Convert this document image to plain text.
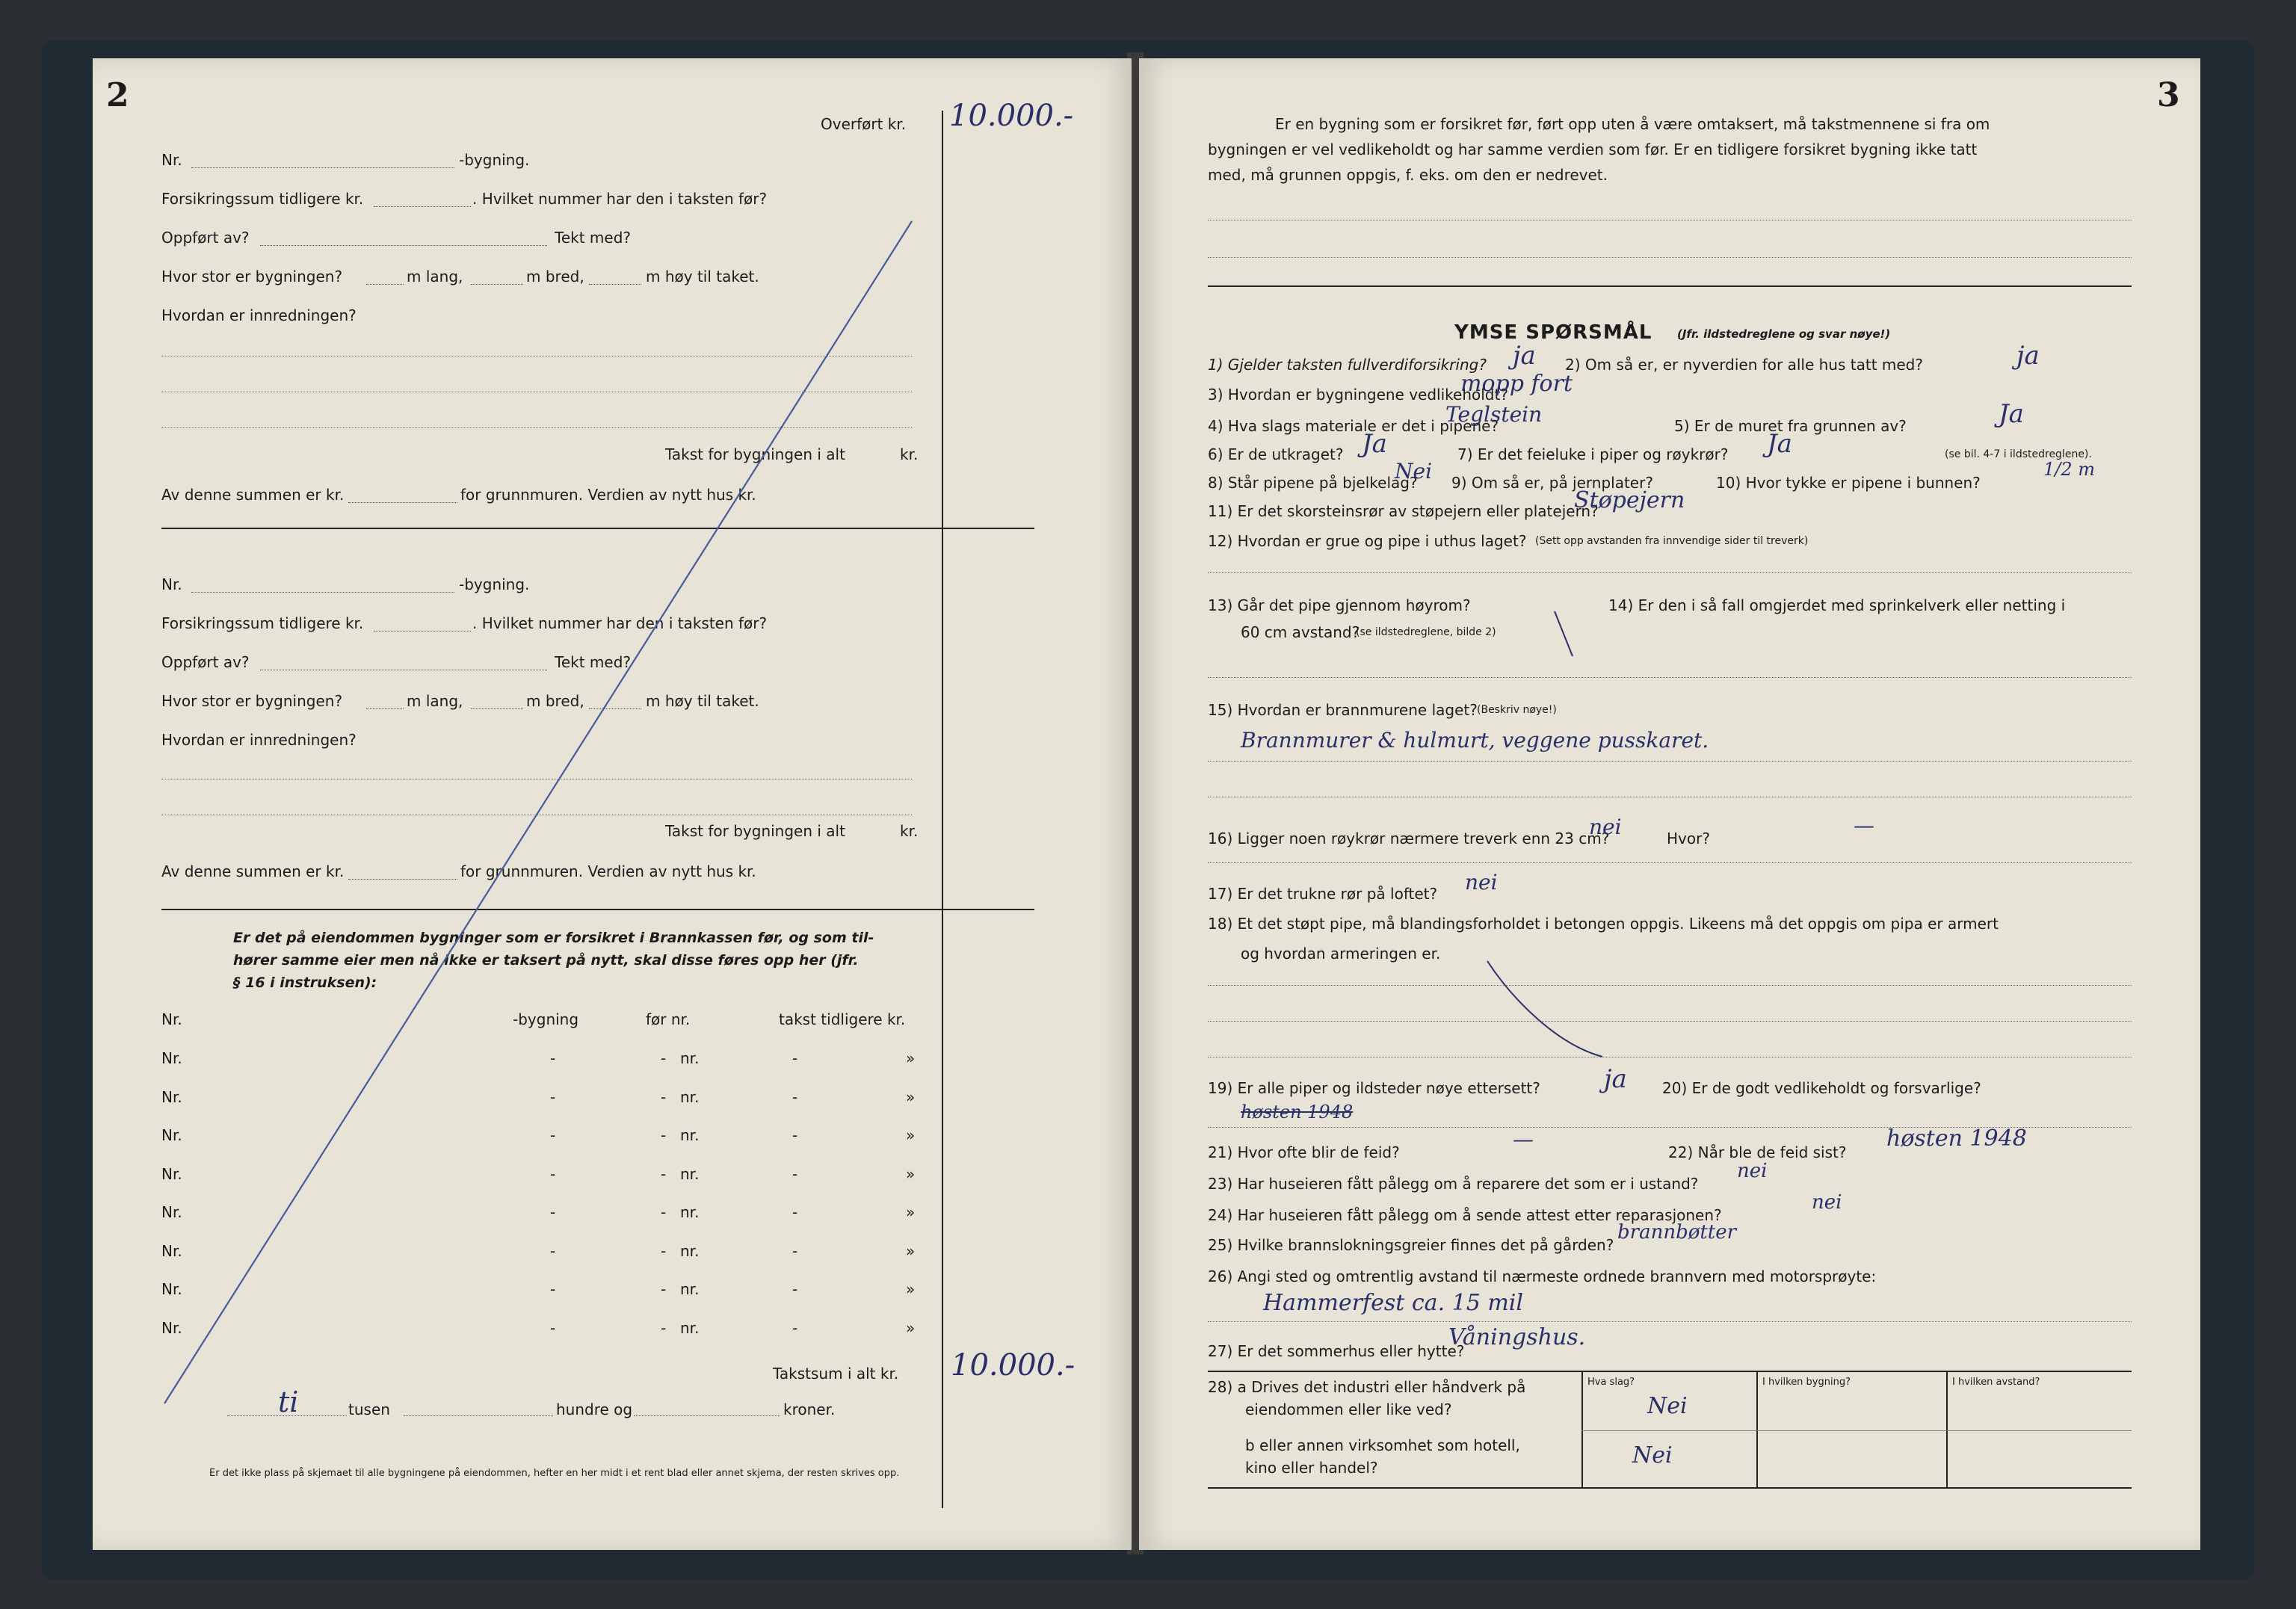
2
Overført kr. 10.000.-
Nr.	-bygning.
Forsikringssum tidligere kr.	. Hvilket nummer har den i taksten før?
Oppført av?	Tekt med?
Hvor stor er bygningen?	m lang,	m bred,	m høy til taket.
Hvordan er innredningen?
Takst for bygningen i alt	kr.
Av denne summen er kr.	for grunnmuren. Verdien av nytt hus kr.
Nr.	-bygning.
Forsikringssum tidligere kr.	. Hvilket nummer har den i taksten før?
Oppført av?	Tekt med?
Hvor stor er bygningen?	m lang,	m bred,	m høy til taket.
Hvordan er innredningen?
Takst for bygningen i alt	kr.
Av denne summen er kr.	for grunnmuren. Verdien av nytt hus kr.
Er det på eiendommen bygninger som er forsikret i Brannkassen før, og som til-
hører samme eier men nå ikke er taksert på nytt, skal disse føres opp her (jfr.
§ 16 i instruksen):
Nr.	-bygning	før nr.	takst tidligere kr.
Nr.	-	- nr.	-	»
Nr.	-	- nr.	-	»
Nr.	-	- nr.	-	»
Nr.	-	- nr.	-	»
Nr.	-	- nr.	-	»
Nr.	-	- nr.	-	»
Nr.	-	- nr.	-	»
Nr.	-	- nr.	-	»
Takstsum i alt kr. 10.000.-
ti	tusen	hundre og	kroner.
Er det ikke plass på skjemaet til alle bygningene på eiendommen, hefter en her midt i et rent blad eller annet skjema, der resten skrives opp.
3
Er en bygning som er forsikret før, ført opp uten å være omtaksert, må takstmennene si fra om
bygningen er vel vedlikeholdt og har samme verdien som før. Er en tidligere forsikret bygning ikke tatt
med, må grunnen oppgis, f. eks. om den er nedrevet.
YMSE SPØRSMÅL (Jfr. ildstedreglene og svar nøye!)
1) Gjelder taksten fullverdiforsikring? ja 2) Om så er, er nyverdien for alle hus tatt med?	ja
3) Hvordan er bygningene vedlikeholdt?
mopp fort
4) Hva slags materiale er det i pipene?
Teglstein	5) Er de muret fra grunnen av?	Ja
6) Er de utkraget? Ja	7) Er det feieluke i piper og røykrør? Ja	(se bil. 4-7 i ildstedreglene).
8) Står pipene på bjelkelag?
Nei 9) Om så er, på jernplater?	10) Hvor tykke er pipene i bunnen?
1/2 m
11) Er det skorsteinsrør av støpejern eller platejern?
Støpejern
12) Hvordan er grue og pipe i uthus laget? (Sett opp avstanden fra innvendige sider til treverk)
13) Går det pipe gjennom høyrom?	14) Er den i så fall omgjerdet med sprinkelverk eller netting i
60 cm avstand?
(se ildstedreglene, bilde 2)
15) Hvordan er brannmurene laget? (Beskriv nøye!)
Brannmurer & hulmurt, veggene pusskaret.
16) Ligger noen røykrør nærmere treverk enn 23 cm?
nei	Hvor?
—
17) Er det trukne rør på loftet? nei
18) Et det støpt pipe, må blandingsforholdet i betongen oppgis. Likeens må det oppgis om pipa er armert
og hvordan armeringen er.
19) Er alle piper og ildsteder nøye ettersett?	ja 20) Er de godt vedlikeholdt og forsvarlige?
høsten 1948
21) Hvor ofte blir de feid?
—
22) Når ble de feid sist?
høsten 1948
23) Har huseieren fått pålegg om å reparere det som er i ustand?
nei
24) Har huseieren fått pålegg om å sende attest etter reparasjonen?
nei
25) Hvilke brannslokningsgreier finnes det på gården?
brannbøtter
26) Angi sted og omtrentlig avstand til nærmeste ordnede brannvern med motorsprøyte:
Hammerfest ca. 15 mil
27) Er det sommerhus eller hytte?
Våningshus.
28) a Drives det industri eller håndverk på
eiendommen eller like ved?
b eller annen virksomhet som hotell,
kino eller handel?
Hva slag?	I hvilken bygning?	I hvilken avstand?
Nei
Nei
